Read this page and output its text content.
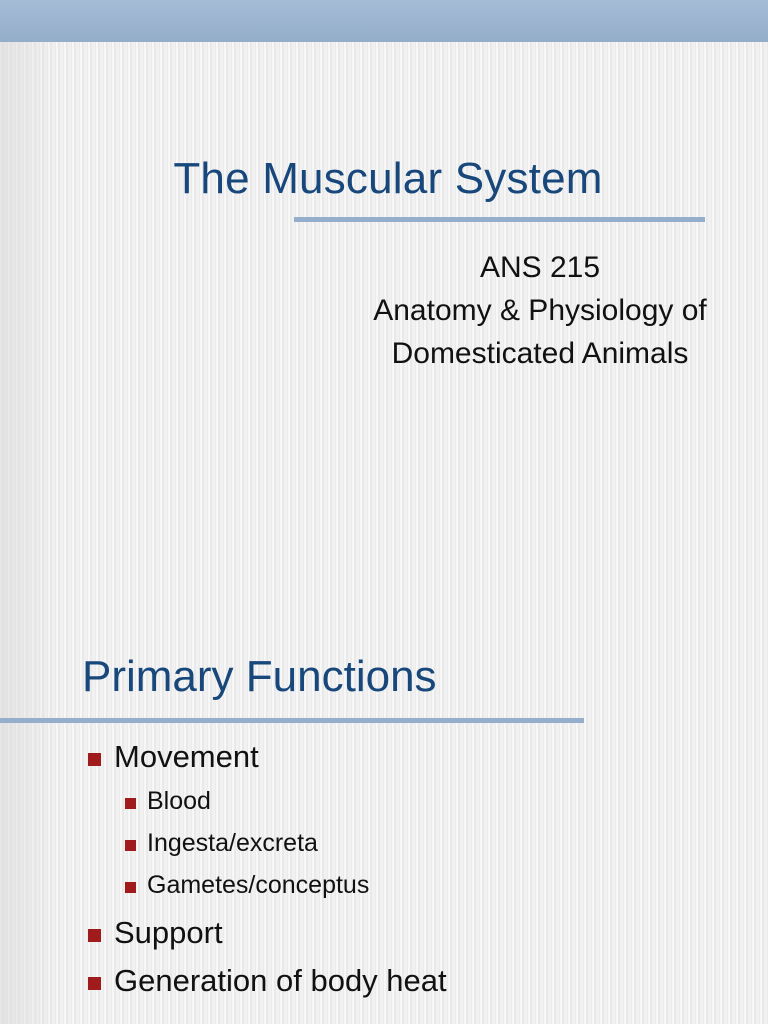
The Muscular System
ANS 215
Anatomy & Physiology of
Domesticated Animals
Primary Functions
Movement
Blood
Ingesta/excreta
Gametes/conceptus
Support
Generation of body heat
